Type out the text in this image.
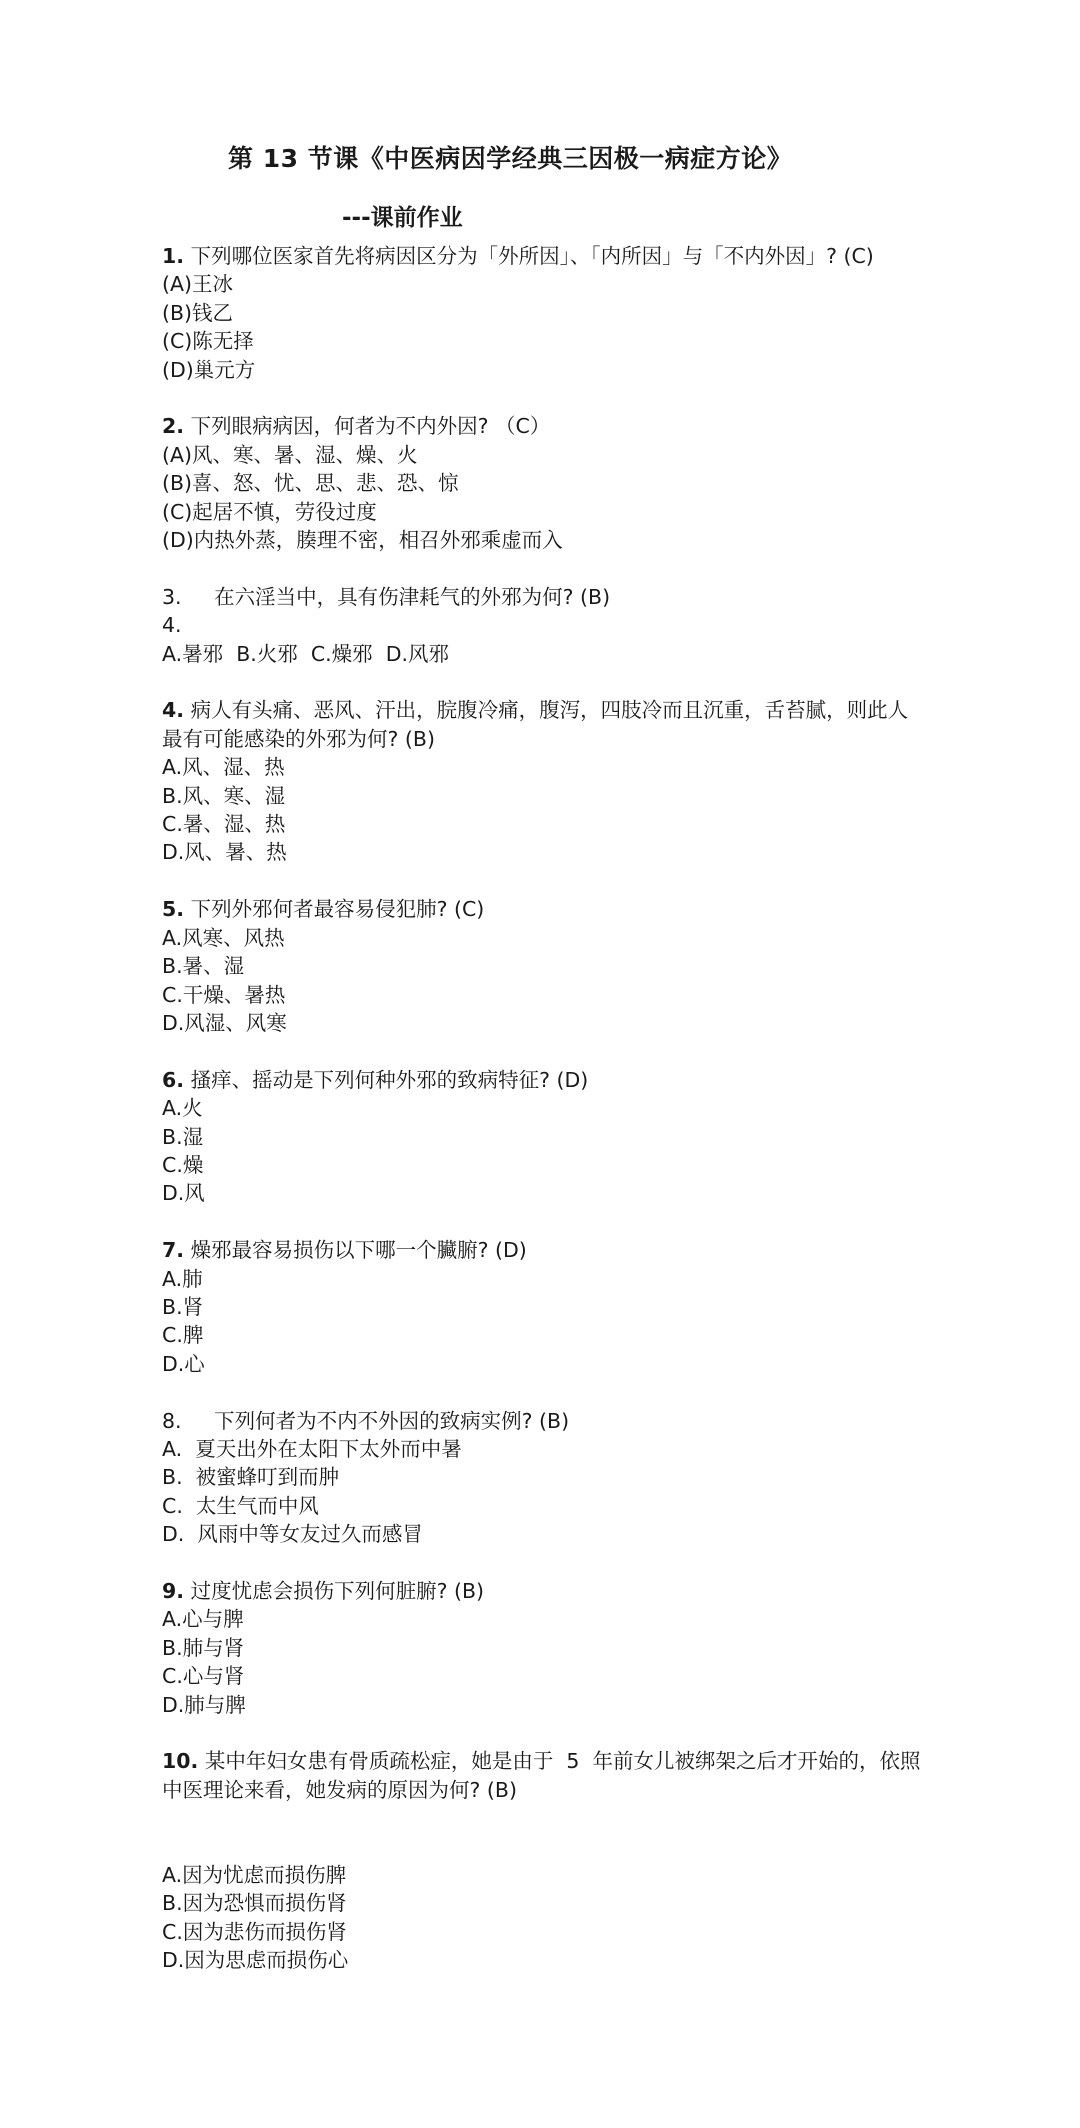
第 13 节课《中医病因学经典三因极一病症方论》
---课前作业
1. 下列哪位医家首先将病因区分为「外所因」、「内所因」与「不内外因」? (C)
(A)王冰
(B)钱乙
(C)陈无择
(D)巢元方
2. 下列眼病病因，何者为不内外因? （C）
(A)风、寒、暑、湿、燥、火
(B)喜、怒、忧、思、悲、恐、惊
(C)起居不慎，劳役过度
(D)内热外蒸，腠理不密，相召外邪乘虚而入
3.     在六淫当中，具有伤津耗气的外邪为何? (B)
4.
A.暑邪  B.火邪  C.燥邪  D.风邪
4. 病人有头痛、恶风、汗出，脘腹冷痛，腹泻，四肢冷而且沉重，舌苔腻，则此人最有可能感染的外邪为何? (B)
A.风、湿、热
B.风、寒、湿
C.暑、湿、热
D.风、暑、热
5. 下列外邪何者最容易侵犯肺? (C)
A.风寒、风热
B.暑、湿
C.干燥、暑热
D.风湿、风寒
6. 搔痒、摇动是下列何种外邪的致病特征? (D)
A.火
B.湿
C.燥
D.风
7. 燥邪最容易损伤以下哪一个臟腑? (D)
A.肺
B.肾
C.脾
D.心
8.     下列何者为不内不外因的致病实例? (B)
A.  夏天出外在太阳下太外而中暑
B.  被蜜蜂叮到而肿
C.  太生气而中风
D.  风雨中等女友过久而感冒
9. 过度忧虑会损伤下列何脏腑? (B)
A.心与脾
B.肺与肾
C.心与肾
D.肺与脾
10. 某中年妇女患有骨质疏松症，她是由于  5  年前女儿被绑架之后才开始的，依照中医理论来看，她发病的原因为何? (B)
A.因为忧虑而损伤脾
B.因为恐惧而损伤肾
C.因为悲伤而损伤肾
D.因为思虑而损伤心
